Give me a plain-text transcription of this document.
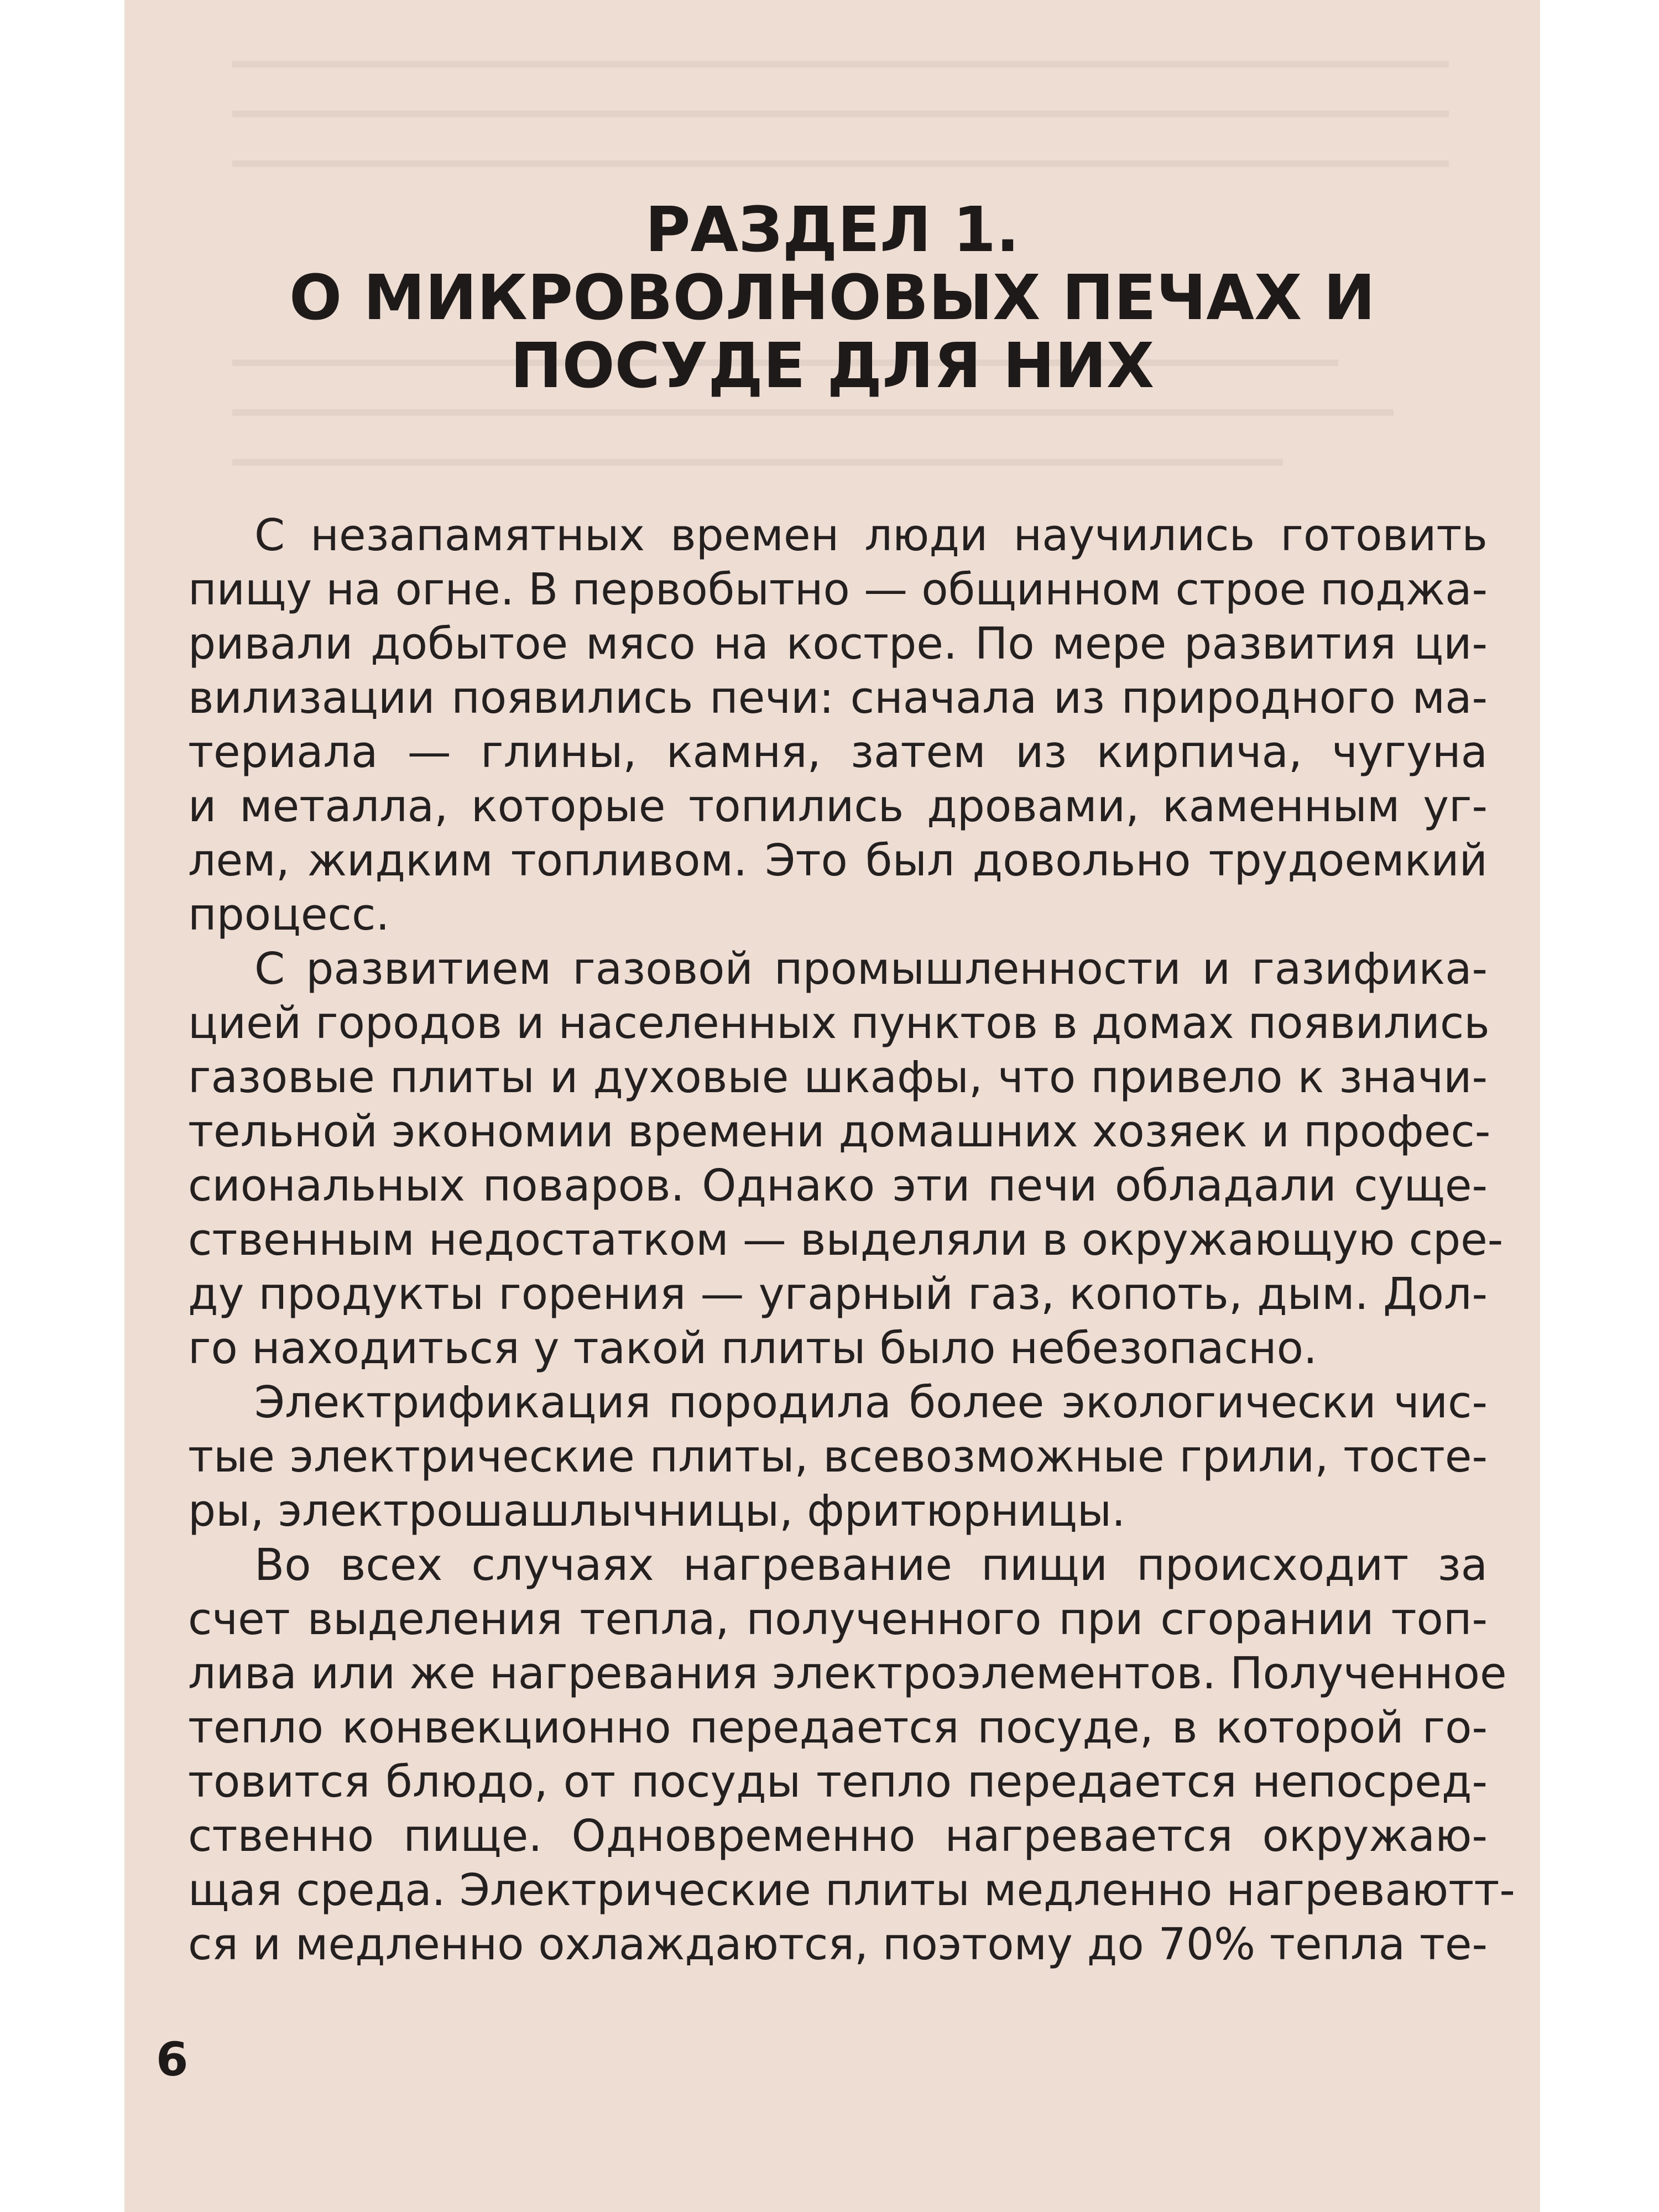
РАЗДЕЛ 1.
О МИКРОВОЛНОВЫХ ПЕЧАХ И
ПОСУДЕ ДЛЯ НИХ

С незапамятных времен люди научились готовить

пищу на огне. В первобытно — общинном строе поджа-

ривали добытое мясо на костре. По мере развития ци-

вилизации появились печи: сначала из природного ма-

териала — глины, камня, затем из кирпича, чугуна

и металла, которые топились дровами, каменным уг-

лем, жидким топливом. Это был довольно трудоемкий

процесс.

С развитием газовой промышленности и газифика-

цией городов и населенных пунктов в домах появились

газовые плиты и духовые шкафы, что привело к значи-

тельной экономии времени домашних хозяек и профес-

сиональных поваров. Однако эти печи обладали суще-

ственным недостатком — выделяли в окружающую сре-

ду продукты горения — угарный газ, копоть, дым. Дол-

го находиться у такой плиты было небезопасно.

Электрификация породила более экологически чис-

тые электрические плиты, всевозможные грили, тосте-

ры, электрошашлычницы, фритюрницы.

Во всех случаях нагревание пищи происходит за

счет выделения тепла, полученного при сгорании топ-

лива или же нагревания электроэлементов. Полученное

тепло конвекционно передается посуде, в которой го-

товится блюдо, от посуды тепло передается непосред-

ственно пище. Одновременно нагревается окружаю-

щая среда. Электрические плиты медленно нагреваютт-

ся и медленно охлаждаются, поэтому до 70% тепла те-

6
